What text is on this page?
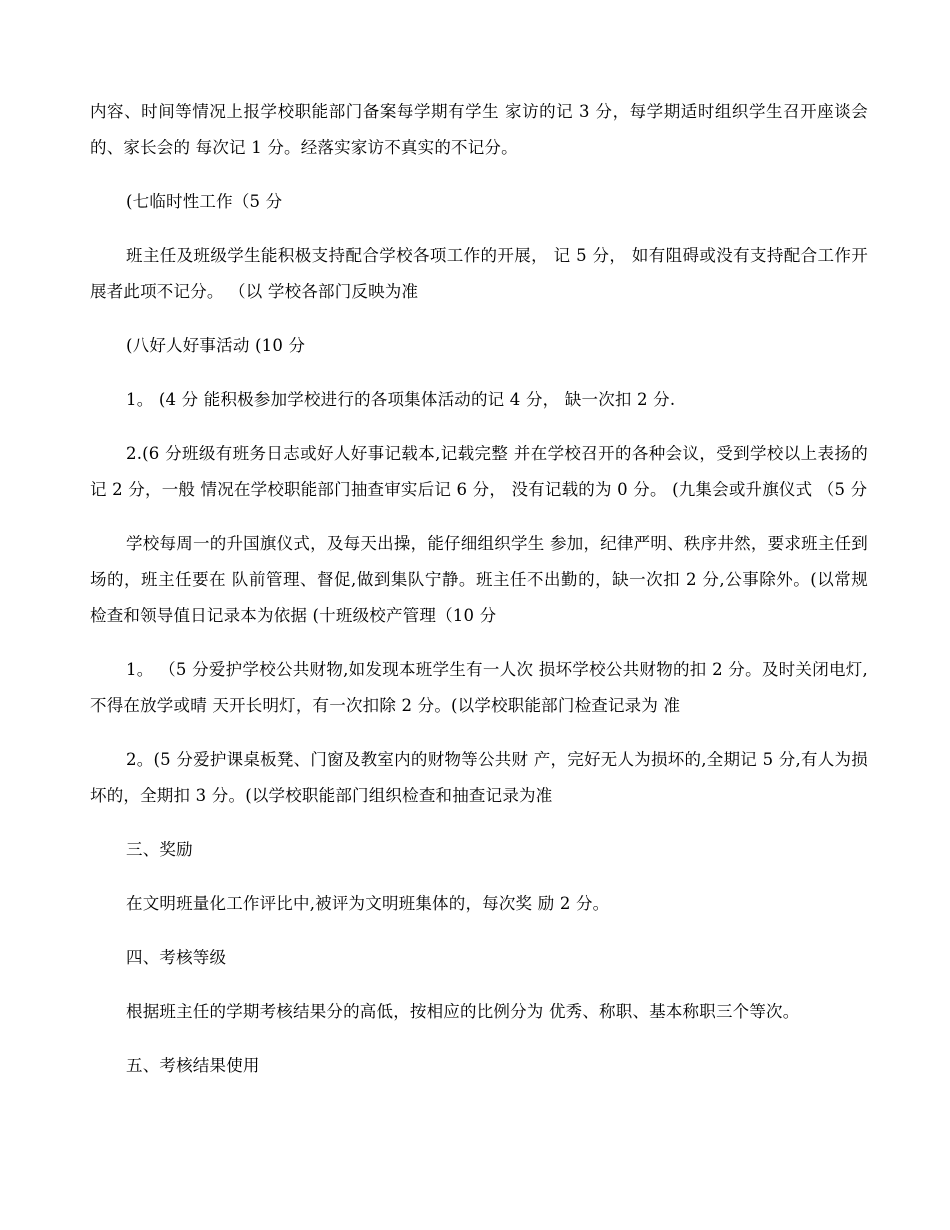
内容、时间等情况上报学校职能部门备案每学期有学生 家访的记 3 分，每学期适时组织学生召开座谈会的、家长会的 每次记 1 分。经落实家访不真实的不记分。

(七临时性工作（5 分

班主任及班级学生能积极支持配合学校各项工作的开展， 记 5 分， 如有阻碍或没有支持配合工作开展者此项不记分。 （以 学校各部门反映为准

(八好人好事活动 (10 分

1。 (4 分 能积极参加学校进行的各项集体活动的记 4 分， 缺一次扣 2 分.

2.(6 分班级有班务日志或好人好事记载本,记载完整 并在学校召开的各种会议，受到学校以上表扬的记 2 分，一般 情况在学校职能部门抽查审实后记 6 分， 没有记载的为 0 分。 (九集会或升旗仪式 （5 分

学校每周一的升国旗仪式，及每天出操，能仔细组织学生 参加，纪律严明、秩序井然，要求班主任到场的，班主任要在 队前管理、督促,做到集队宁静。班主任不出勤的，缺一次扣 2 分,公事除外。(以常规检查和领导值日记录本为依据 (十班级校产管理（10 分

1。 （5 分爱护学校公共财物,如发现本班学生有一人次 损坏学校公共财物的扣 2 分。及时关闭电灯,不得在放学或晴 天开长明灯，有一次扣除 2 分。(以学校职能部门检查记录为 准

2。(5 分爱护课桌板凳、门窗及教室内的财物等公共财 产，完好无人为损坏的,全期记 5 分,有人为损坏的，全期扣 3 分。(以学校职能部门组织检查和抽查记录为准

三、奖励

在文明班量化工作评比中,被评为文明班集体的，每次奖 励 2 分。

四、考核等级

根据班主任的学期考核结果分的高低，按相应的比例分为 优秀、称职、基本称职三个等次。

五、考核结果使用
